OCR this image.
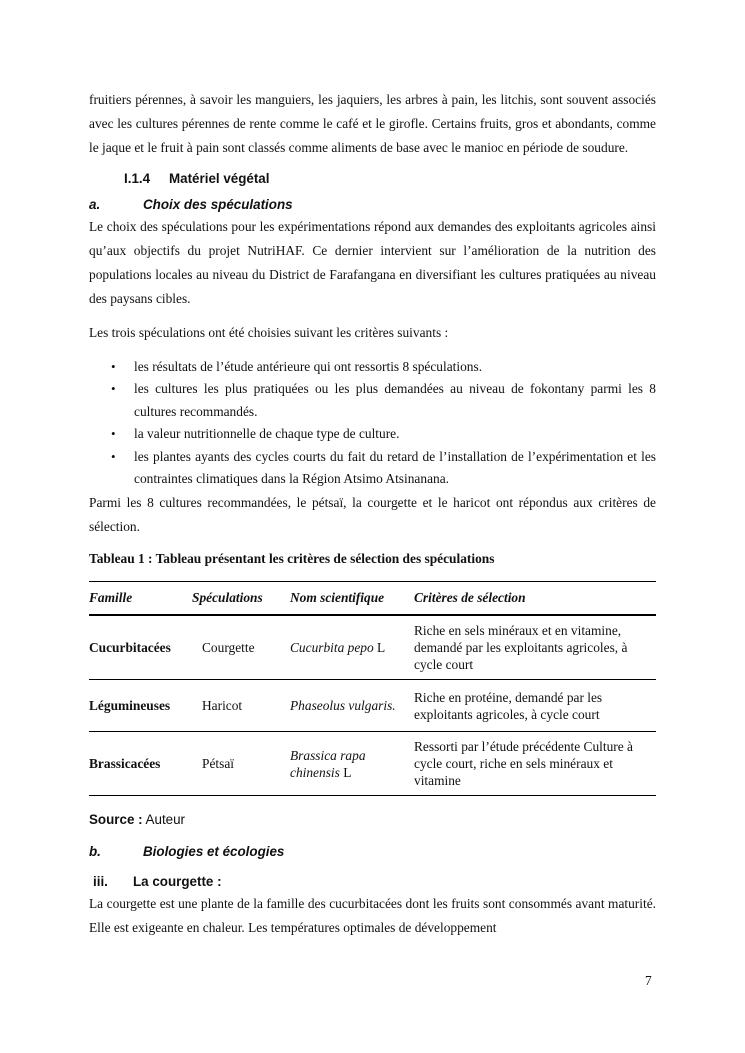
fruitiers pérennes, à savoir les manguiers, les jaquiers, les arbres à pain, les litchis, sont souvent associés avec les cultures pérennes de rente comme le café et le girofle. Certains fruits, gros et abondants, comme le jaque et le fruit à pain sont classés comme aliments de base avec le manioc en période de soudure.

I.1.4 Matériel végétal
a.	Choix des spéculations

Le choix des spéculations pour les expérimentations répond aux demandes des exploitants agricoles ainsi qu’aux objectifs du projet NutriHAF. Ce dernier intervient sur l’amélioration de la nutrition des populations locales au niveau du District de Farafangana en diversifiant les cultures pratiquées au niveau des paysans cibles.

Les trois spéculations ont été choisies suivant les critères suivants :

• les résultats de l’étude antérieure qui ont ressortis 8 spéculations.
• les cultures les plus pratiquées ou les plus demandées au niveau de fokontany parmi les 8 cultures recommandés.
• la valeur nutritionnelle de chaque type de culture.
• les plantes ayants des cycles courts du fait du retard de l’installation de l’expérimentation et les contraintes climatiques dans la Région Atsimo Atsinanana.

Parmi les 8 cultures recommandées, le pétsaï, la courgette et le haricot ont répondus aux critères de sélection.

Tableau 1 : Tableau présentant les critères de sélection des spéculations
Famille	Spéculations	Nom scientifique	Critères de sélection
Cucurbitacées	Courgette	Cucurbita pepo L	Riche en sels minéraux et en vitamine, demandé par les exploitants agricoles, à cycle court
Légumineuses	Haricot	Phaseolus vulgaris.	Riche en protéine, demandé par les exploitants agricoles, à cycle court
Brassicacées	Pétsaï	Brassica rapa chinensis L	Ressorti par l’étude précédente Culture à cycle court, riche en sels minéraux et vitamine
Source : Auteur
b.	Biologies et écologies
iii. La courgette :

La courgette est une plante de la famille des cucurbitacées dont les fruits sont consommés avant maturité. Elle est exigeante en chaleur. Les températures optimales de développement

7
